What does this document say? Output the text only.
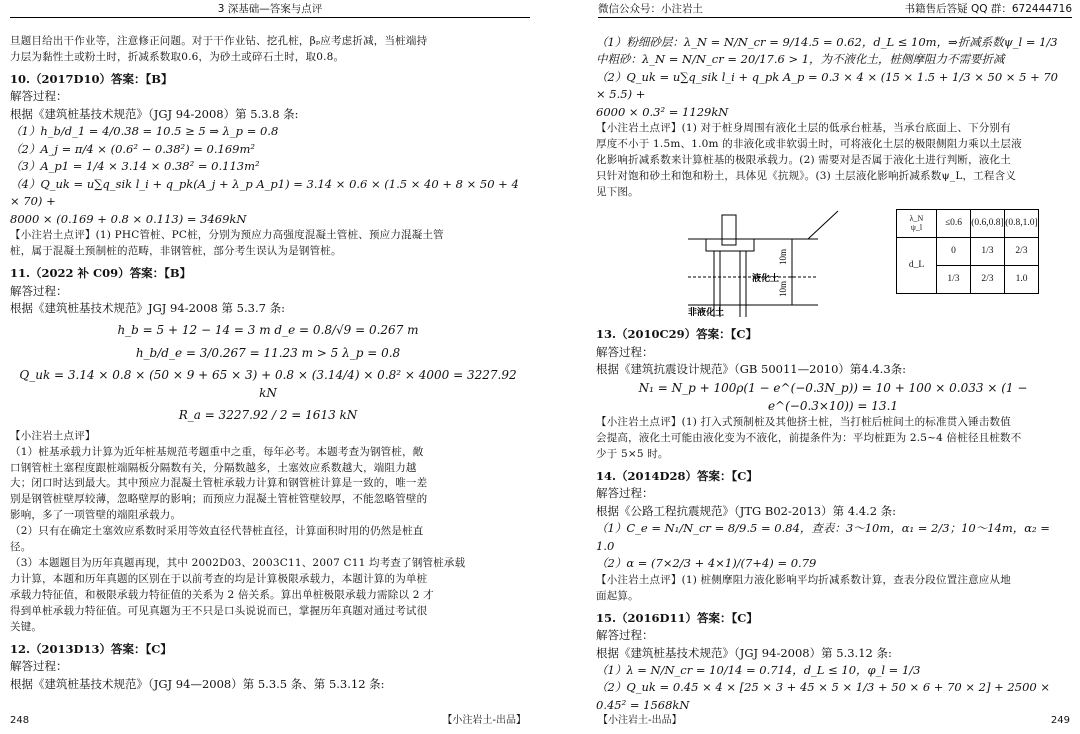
3 深基础—答案与点评

旦题目给出干作业等，注意修正问题。对于干作业钻、挖孔桩，βₚ应考虑折减，当桩端持

力层为黏性土或粉土时，折减系数取0.6，为砂土或碎石土时，取0.8。

10.（2017D10）答案：【B】

解答过程：

根据《建筑桩基技术规范》（JGJ 94-2008）第 5.3.8 条:

（1）h_b/d_1 = 4/0.38 = 10.5 ≥ 5 ⇒ λ_p = 0.8

（2）A_j = π/4 × (0.6² − 0.38²) = 0.169m²

（3）A_p1 = 1/4 × 3.14 × 0.38² = 0.113m²

（4）Q_uk = u∑q_sik l_i + q_pk(A_j + λ_p A_p1) = 3.14 × 0.6 × (1.5 × 40 + 8 × 50 + 4 × 70) +

8000 × (0.169 + 0.8 × 0.113) = 3469kN

【小注岩土点评】(1) PHC管桩、PC桩，分别为预应力高强度混凝土管桩、预应力混凝土管

桩，属于混凝土预制桩的范畴，非钢管桩，部分考生误认为是钢管桩。

11.（2022 补 C09）答案：【B】

解答过程：

根据《建筑桩基技术规范》JGJ 94-2008 第 5.3.7 条:

h_b = 5 + 12 − 14 = 3 m d_e = 0.8/√9 = 0.267 m

h_b/d_e = 3/0.267 = 11.23 m > 5 λ_p = 0.8

Q_uk = 3.14 × 0.8 × (50 × 9 + 65 × 3) + 0.8 × (3.14/4) × 0.8² × 4000 = 3227.92 kN

R_a = 3227.92 / 2 = 1613 kN

【小注岩土点评】

（1）桩基承载力计算为近年桩基规范考题重中之重，每年必考。本题考查为钢管桩，敞

口钢管桩土塞程度跟桩端隔板分隔数有关，分隔数越多，土塞效应系数越大，端阻力越

大；闭口时达到最大。其中预应力混凝土管桩承载力计算和钢管桩计算是一致的，唯一差

别是钢管桩壁厚较薄，忽略壁厚的影响；而预应力混凝土管桩管壁较厚，不能忽略管壁的

影响，多了一项管壁的端阻承载力。

（2）只有在确定土塞效应系数时采用等效直径代替桩直径，计算面积时用的仍然是桩直

径。

（3）本题题目为历年真题再现，其中 2002D03、2003C11、2007 C11 均考查了钢管桩承载

力计算，本题和历年真题的区别在于以前考查的均是计算极限承载力，本题计算的为单桩

承载力特征值，和极限承载力特征值的关系为 2 倍关系。算出单桩极限承载力需除以 2 才

得到单桩承载力特征值。可见真题为王不只是口头说说而已，掌握历年真题对通过考试很

关键。

12.（2013D13）答案：【C】

解答过程：

根据《建筑桩基技术规范》（JGJ 94—2008）第 5.3.5 条、第 5.3.12 条:

248	【小注岩土-出品】
微信公众号：小注岩土	书籍售后答疑 QQ 群：672444716

（1）粉细砂层：λ_N = N/N_cr = 9/14.5 = 0.62，d_L ≤ 10m，⇒折减系数ψ_l = 1/3

中粗砂：λ_N = N/N_cr = 20/17.6 > 1，为不液化土，桩侧摩阻力不需要折减

（2）Q_uk = u∑q_sik l_i + q_pk A_p = 0.3 × 4 × (15 × 1.5 + 1/3 × 50 × 5 + 70 × 5.5) +

6000 × 0.3² = 1129kN

【小注岩土点评】(1) 对于桩身周围有液化土层的低承台桩基，当承台底面上、下分别有

厚度不小于 1.5m、1.0m 的非液化或非软弱土时，可将液化土层的极限侧阻力乘以土层液

化影响折减系数来计算桩基的极限承载力。(2) 需要对是否属于液化土进行判断，液化土

只针对饱和砂土和饱和粉土，具体见《抗规》。(3) 土层液化影响折减系数ψ_L，工程含义

见下图。

10m
10m
液化土
非液化土
λ_N
ψ_l	≤0.6	(0.6,0.8]	(0.8,1.0]
d_L	0	1/3	2/3
	1/3	2/3	1.0

13.（2010C29）答案：【C】

解答过程：

根据《建筑抗震设计规范》（GB 50011—2010）第4.4.3条:

N₁ = N_p + 100ρ(1 − e^(−0.3N_p)) = 10 + 100 × 0.033 × (1 − e^(−0.3×10)) = 13.1

【小注岩土点评】(1) 打入式预制桩及其他挤土桩，当打桩后桩间土的标准贯入锤击数值

会提高，液化土可能由液化变为不液化，前提条件为：平均桩距为 2.5~4 倍桩径且桩数不

少于 5×5 时。

14.（2014D28）答案：【C】

解答过程：

根据《公路工程抗震规范》（JTG B02-2013）第 4.4.2 条:

（1）C_e = N₁/N_cr = 8/9.5 = 0.84，查表：3～10m，α₁ = 2/3；10～14m，α₂ = 1.0

（2）α = (7×2/3 + 4×1)/(7+4) = 0.79

【小注岩土点评】(1) 桩侧摩阻力液化影响平均折减系数计算，查表分段位置注意应从地

面起算。

15.（2016D11）答案：【C】

解答过程：

根据《建筑桩基技术规范》（JGJ 94-2008）第 5.3.12 条:

（1）λ = N/N_cr = 10/14 = 0.714，d_L ≤ 10，φ_l = 1/3

（2）Q_uk = 0.45 × 4 × [25 × 3 + 45 × 5 × 1/3 + 50 × 6 + 70 × 2] + 2500 × 0.45² = 1568kN

【小注岩土-出品】	249
